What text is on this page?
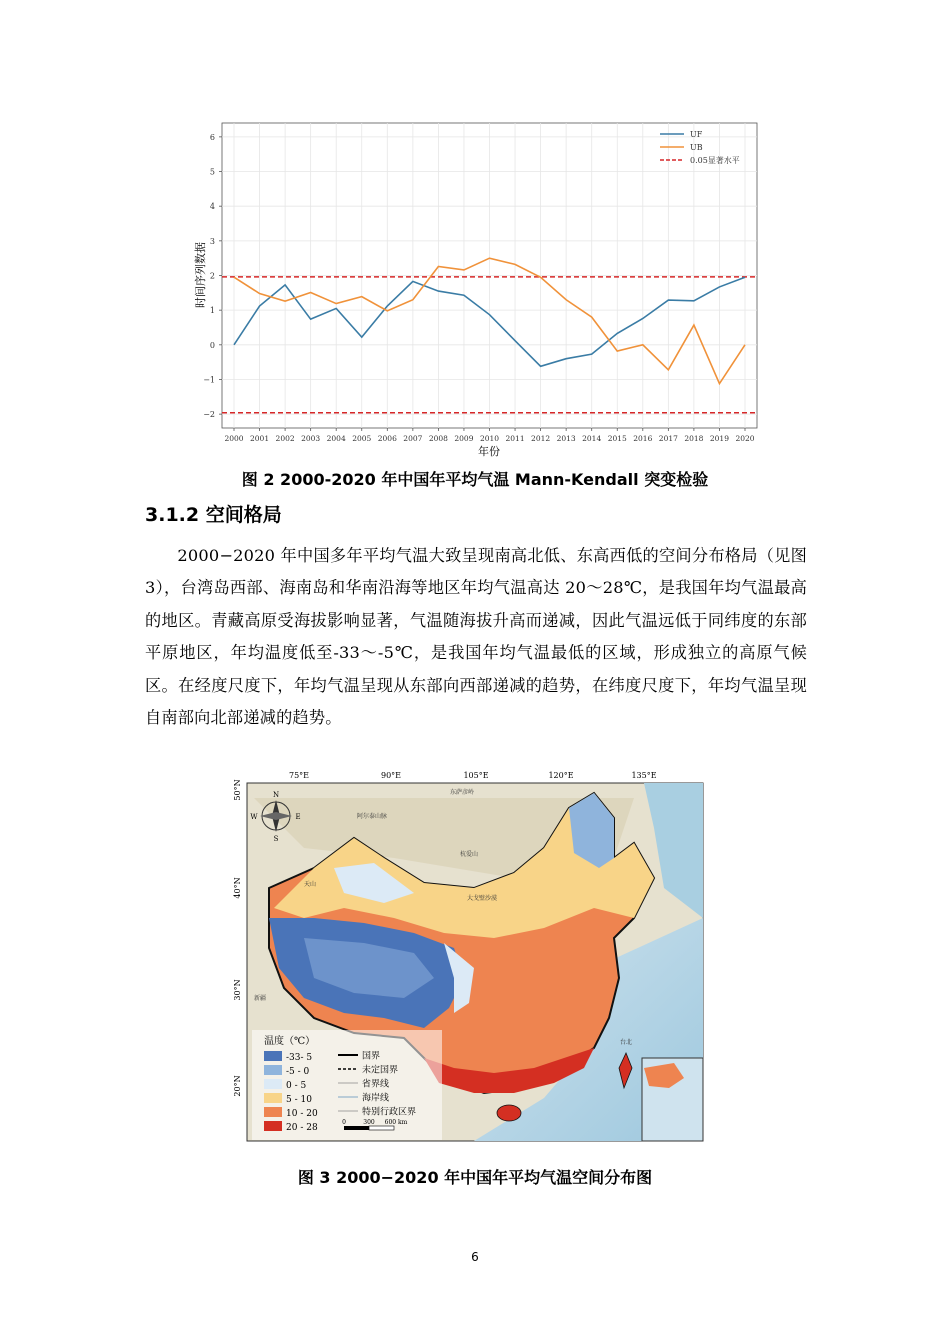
2000 2001 2002 2003 2004 2005 2006 2007 2008 2009 2010 2011 2012 2013 2014 2015 2016 2017 2018 2019 2020
−2
−1
0
1
2
3
4
5
6
年份
时间序列数据
UF
UB
0.05显著水平
图 2 2000-2020 年中国年平均气温 Mann-Kendall 突变检验
3.1.2 空间格局
2000−2020 年中国多年平均气温大致呈现南高北低、东高西低的空间分布格局（见图 3），台湾岛西部、海南岛和华南沿海等地区年均气温高达 20～28℃，是我国年均气温最高的地区。青藏高原受海拔影响显著，气温随海拔升高而递减，因此气温远低于同纬度的东部平原地区，年均温度低至-33～-5℃，是我国年均气温最低的区域，形成独立的高原气候区。在经度尺度下，年均气温呈现从东部向西部递减的趋势，在纬度尺度下，年均气温呈现自南部向北部递减的趋势。
75°E	90°E	105°E	120°E	135°E
50°N
40°N
30°N
20°N
阿尔泰山脉
杭爱山
东萨彦岭
大戈壁沙漠
天山
新疆
台北
N
E
S
W
温度（℃）
-33- 5
-5 - 0
0 - 5
5 - 10
10 - 20
20 - 28
国界
未定国界
省界线
海岸线
特别行政区界
0	300 600 km
图 3 2000−2020 年中国年平均气温空间分布图
6
